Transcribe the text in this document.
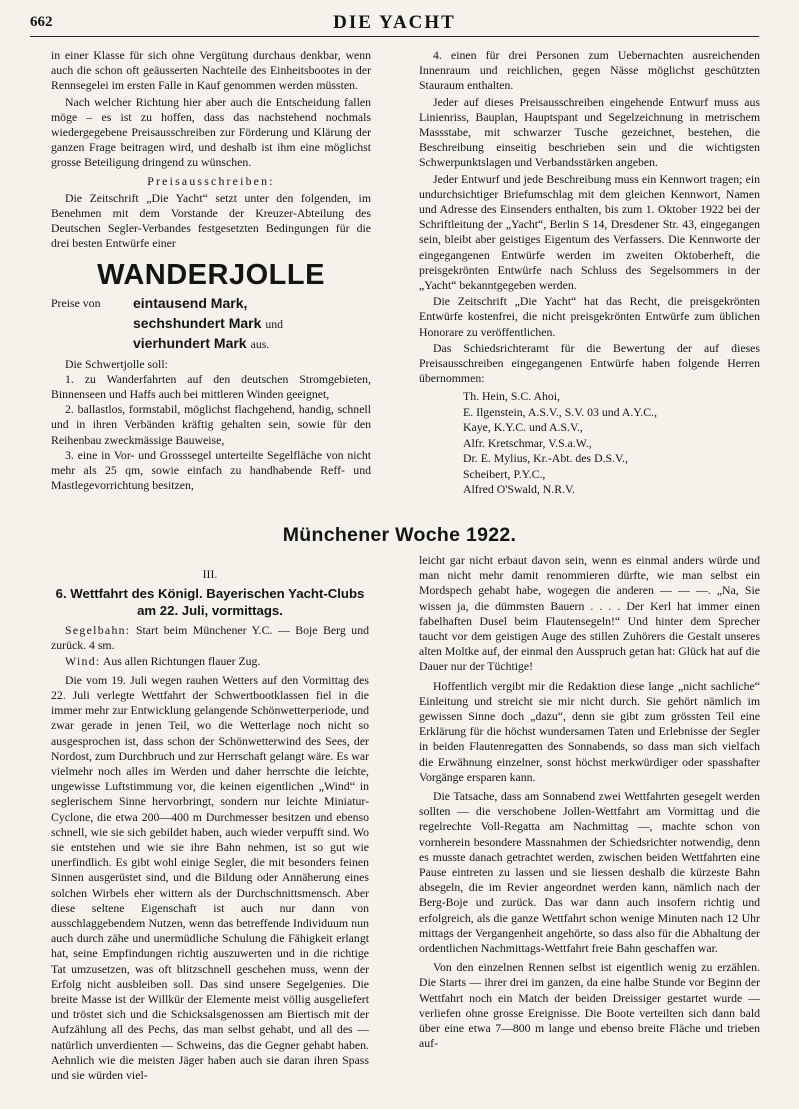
662	DIE YACHT

in einer Klasse für sich ohne Vergütung durchaus denkbar, wenn auch die schon oft geäusserten Nachteile des Einheitsbootes in der Rennsegelei im ersten Falle in Kauf genommen werden müssten.

Nach welcher Richtung hier aber auch die Entscheidung fallen möge – es ist zu hoffen, dass das nachstehend nochmals wiedergegebene Preisausschreiben zur Förderung und Klärung der ganzen Frage beitragen wird, und deshalb ist ihm eine möglichst grosse Beteiligung dringend zu wünschen.

Preisausschreiben:

Die Zeitschrift „Die Yacht“ setzt unter den folgenden, im Benehmen mit dem Vorstande der Kreuzer-Abteilung des Deutschen Segler-Verbandes festgesetzten Bedingungen für die drei besten Entwürfe einer

WANDERJOLLE
Preise von	eintausend Mark,
sechshundert Mark und
vierhundert Mark aus.

Die Schwertjolle soll:

1. zu Wanderfahrten auf den deutschen Stromgebieten, Binnenseen und Haffs auch bei mittleren Winden geeignet,

2. ballastlos, formstabil, möglichst flachgehend, handig, schnell und in ihren Verbänden kräftig gehalten sein, sowie für den Reihenbau zweckmässige Bauweise,

3. eine in Vor- und Grosssegel unterteilte Segelfläche von nicht mehr als 25 qm, sowie einfach zu handhabende Reff- und Mastlegevorrichtung besitzen,

4. einen für drei Personen zum Uebernachten ausreichenden Innenraum und reichlichen, gegen Nässe möglichst geschützten Stauraum enthalten.

Jeder auf dieses Preisausschreiben eingehende Entwurf muss aus Linienriss, Bauplan, Hauptspant und Segelzeichnung in metrischem Massstabe, mit schwarzer Tusche gezeichnet, bestehen, die Beschreibung einseitig beschrieben sein und die wichtigsten Schwerpunktslagen und Verbandsstärken angeben.

Jeder Entwurf und jede Beschreibung muss ein Kennwort tragen; ein undurchsichtiger Briefumschlag mit dem gleichen Kennwort, Namen und Adresse des Einsenders enthalten, bis zum 1. Oktober 1922 bei der Schriftleitung der „Yacht“, Berlin S 14, Dresdener Str. 43, eingegangen sein, bleibt aber geistiges Eigentum des Verfassers. Die Kennworte der eingegangenen Entwürfe werden im zweiten Oktoberheft, die preisgekrönten Entwürfe nach Schluss des Segelsommers in der „Yacht“ bekanntgegeben werden.

Die Zeitschrift „Die Yacht“ hat das Recht, die preisgekrönten Entwürfe kostenfrei, die nicht preisgekrönten Entwürfe zum üblichen Honorare zu veröffentlichen.

Das Schiedsrichteramt für die Bewertung der auf dieses Preisausschreiben eingegangenen Entwürfe haben folgende Herren übernommen:

Th. Hein, S.C. Ahoi,
E. Ilgenstein, A.S.V., S.V. 03 und A.Y.C.,
Kaye, K.Y.C. und A.S.V.,
Alfr. Kretschmar, V.S.a.W.,
Dr. E. Mylius, Kr.-Abt. des D.S.V.,
Scheibert, P.Y.C.,
Alfred O'Swald, N.R.V.
Münchener Woche 1922.

III.

6. Wettfahrt des Königl. Bayerischen Yacht-Clubs
am 22. Juli, vormittags.

Segelbahn: Start beim Münchener Y.C. — Boje Berg und zurück. 4 sm.

Wind: Aus allen Richtungen flauer Zug.

Die vom 19. Juli wegen rauhen Wetters auf den Vormittag des 22. Juli verlegte Wettfahrt der Schwertbootklassen fiel in die immer mehr zur Entwicklung gelangende Schönwetterperiode, und zwar gerade in jenen Teil, wo die Wetterlage noch nicht so ausgesprochen ist, dass schon der Schönwetterwind des Sees, der Nordost, zum Durchbruch und zur Herrschaft gelangt wäre. Es war vielmehr noch alles im Werden und daher herrschte die leichte, ungewisse Luftstimmung vor, die keinen eigentlichen „Wind“ in seglerischem Sinne hervorbringt, sondern nur leichte Miniatur-Cyclone, die etwa 200—400 m Durchmesser besitzen und ebenso schnell, wie sie sich gebildet haben, auch wieder verpufft sind. Wo sie entstehen und wie sie ihre Bahn nehmen, ist so gut wie unerfindlich. Es gibt wohl einige Segler, die mit besonders feinen Sinnen ausgerüstet sind, und die Bildung oder Annäherung eines solchen Wirbels eher wittern als der Durchschnittsmensch. Aber diese seltene Eigenschaft ist auch nur dann von ausschlaggebendem Nutzen, wenn das betreffende Individuum nun auch durch zähe und unermüdliche Schulung die Fähigkeit erlangt hat, seine Empfindungen richtig auszuwerten und in die richtige Tat umzusetzen, was oft blitzschnell geschehen muss, wenn der Erfolg nicht ausbleiben soll. Das sind unsere Segelgenies. Die breite Masse ist der Willkür der Elemente meist völlig ausgeliefert und tröstet sich und die Schicksalsgenossen am Biertisch mit der Aufzählung all des Pechs, das man selbst gehabt, und all des — natürlich unverdienten — Schweins, das die Gegner gehabt haben. Aehnlich wie die meisten Jäger haben auch sie daran ihren Spass und sie würden viel-

leicht gar nicht erbaut davon sein, wenn es einmal anders würde und man nicht mehr damit renommieren dürfte, wie man selbst ein Mordspech gehabt habe, wogegen die anderen — — —. „Na, Sie wissen ja, die dümmsten Bauern . . . . Der Kerl hat immer einen fabelhaften Dusel beim Flautensegeln!“ Und hinter dem Sprecher taucht vor dem geistigen Auge des stillen Zuhörers die Gestalt unseres alten Moltke auf, der einmal den Ausspruch getan hat: Glück hat auf die Dauer nur der Tüchtige!

Hoffentlich vergibt mir die Redaktion diese lange „nicht sachliche“ Einleitung und streicht sie mir nicht durch. Sie gehört nämlich im gewissen Sinne doch „dazu“, denn sie gibt zum grössten Teil eine Erklärung für die höchst wundersamen Taten und Erlebnisse der Segler in beiden Flautenregatten des Sonnabends, so dass man sich vielfach die Erwähnung einzelner, sonst höchst merkwürdiger oder spasshafter Vorgänge ersparen kann.

Die Tatsache, dass am Sonnabend zwei Wettfahrten gesegelt werden sollten — die verschobene Jollen-Wettfahrt am Vormittag und die regelrechte Voll-Regatta am Nachmittag —, machte schon von vornherein besondere Massnahmen der Schiedsrichter notwendig, denn es musste danach getrachtet werden, zwischen beiden Wettfahrten eine Pause eintreten zu lassen und sie liessen deshalb die kürzeste Bahn absegeln, die im Revier angeordnet werden kann, nämlich nach der Berg-Boje und zurück. Das war dann auch insofern richtig und erfolgreich, als die ganze Wettfahrt schon wenige Minuten nach 12 Uhr mittags der Vergangenheit angehörte, so dass also für die Abhaltung der ordentlichen Nachmittags-Wettfahrt freie Bahn geschaffen war.

Von den einzelnen Rennen selbst ist eigentlich wenig zu erzählen. Die Starts — ihrer drei im ganzen, da eine halbe Stunde vor Beginn der Wettfahrt noch ein Match der beiden Dreissiger gestartet wurde — verliefen ohne grosse Ereignisse. Die Boote verteilten sich dann bald über eine etwa 7—800 m lange und ebenso breite Fläche und trieben auf-
